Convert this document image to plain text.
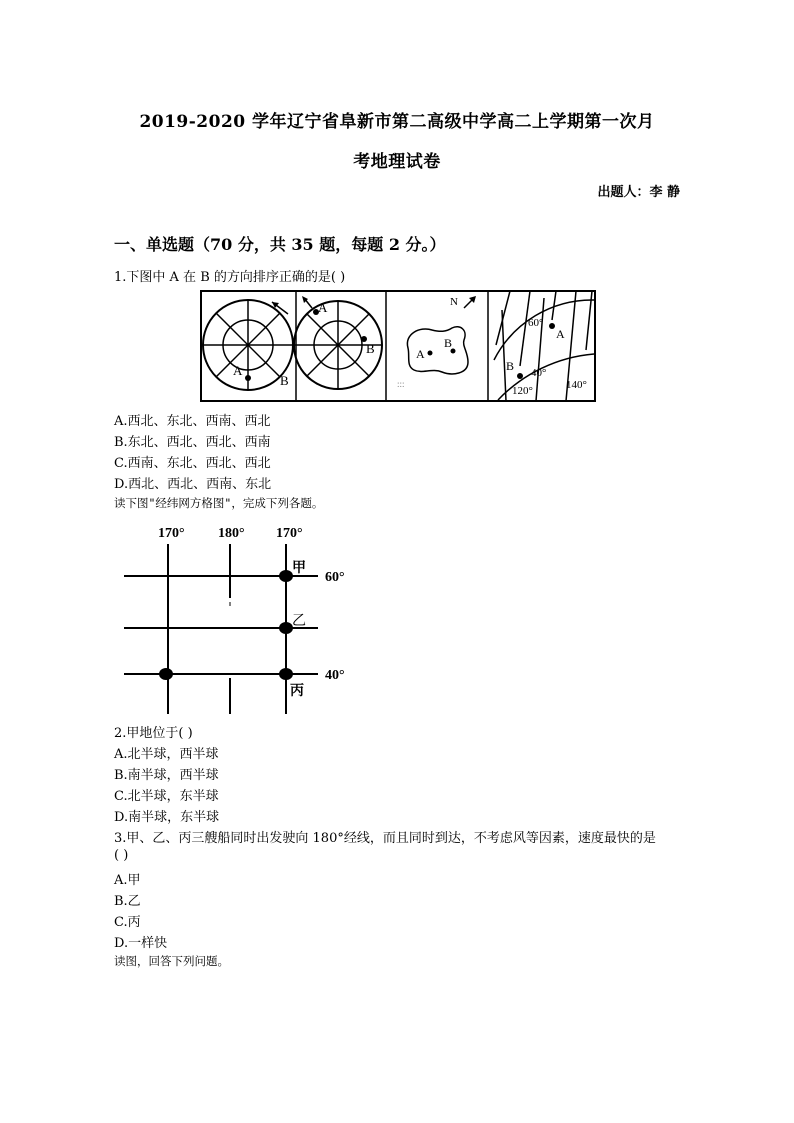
2019-2020 学年辽宁省阜新市第二高级中学高二上学期第一次月
考地理试卷
出题人：李 静
一、单选题（70 分，共 35 题，每题 2 分。）
1.下图中 A 在 B 的方向排序正确的是( )
A
B
A
B	A
B
N
:::
60°
A
40°
B
120°	140°
A.西北、东北、西南、西北
B.东北、西北、西北、西南
C.西南、东北、西北、西北
D.西北、西北、西南、东北
读下图"经纬网方格图"，完成下列各题。
170° 180° 170°
60°
40°
甲
乙
丙
2.甲地位于( )
A.北半球，西半球
B.南半球，西半球
C.北半球，东半球
D.南半球，东半球
3.甲、乙、丙三艘船同时出发驶向 180°经线，而且同时到达，不考虑风等因素，速度最快的是
( )
A.甲
B.乙
C.丙
D.一样快
读图，回答下列问题。
